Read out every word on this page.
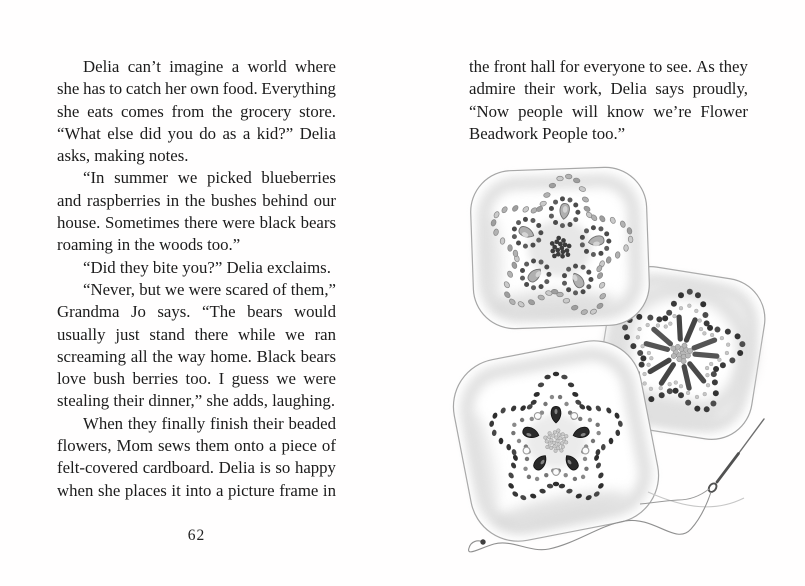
Delia can’t imagine a world where
she has to catch her own food. Everything
she eats comes from the grocery store.
“What else did you do as a kid?” Delia
asks, making notes.
“In summer we picked blueberries
and raspberries in the bushes behind our
house. Sometimes there were black bears
roaming in the woods too.”
“Did they bite you?” Delia exclaims.
“Never, but we were scared of them,”
Grandma Jo says. “The bears would
usually just stand there while we ran
screaming all the way home. Black bears
love bush berries too. I guess we were
stealing their dinner,” she adds, laughing.
When they finally finish their beaded
flowers, Mom sews them onto a piece of
felt-covered cardboard. Delia is so happy
when she places it into a picture frame in
62
the front hall for everyone to see. As they
admire their work, Delia says proudly,
“Now people will know we’re Flower
Beadwork People too.”
